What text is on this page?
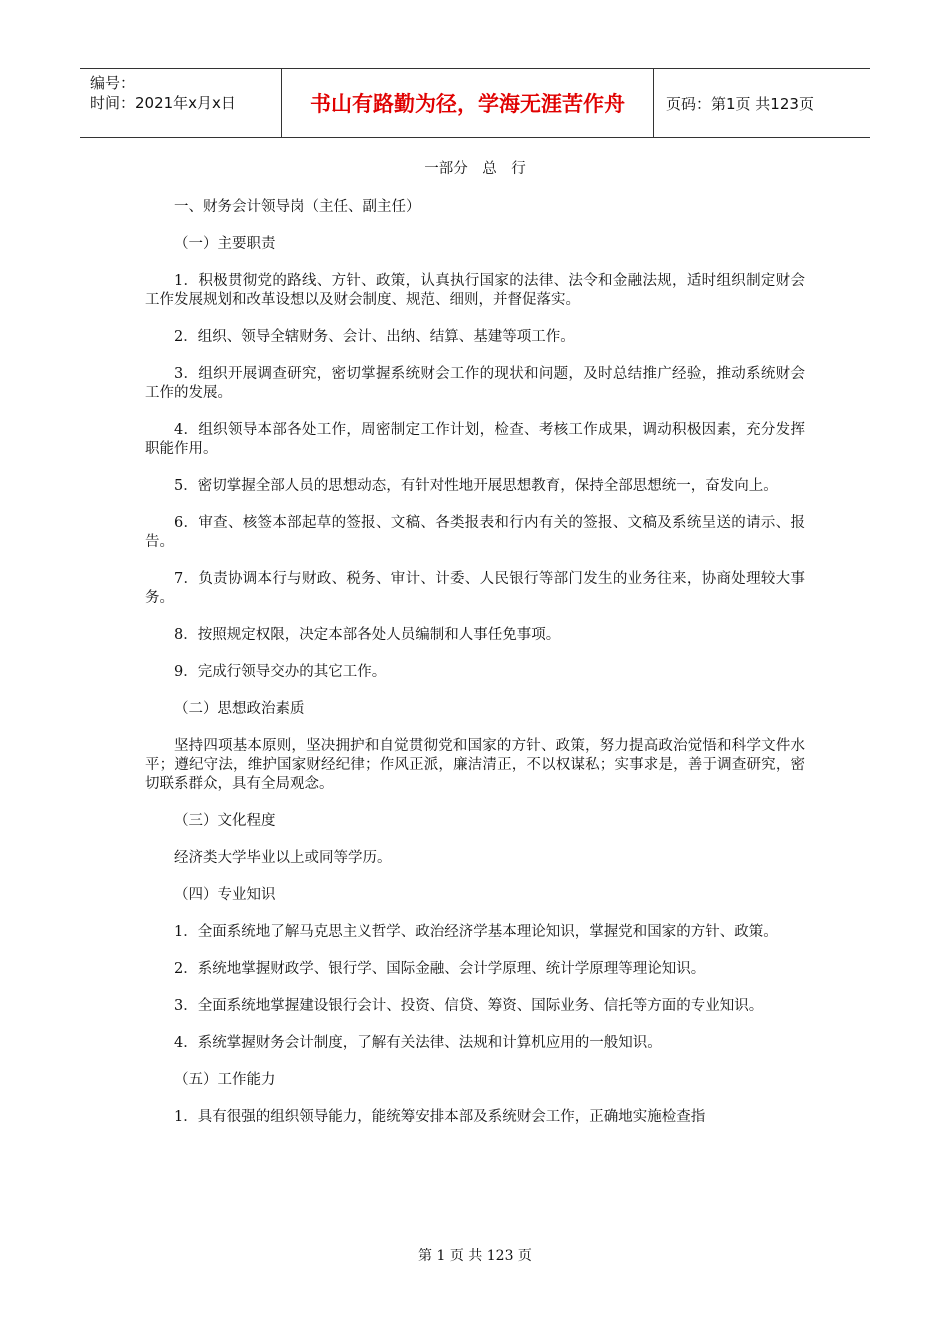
编号：
时间：2021年x月x日	书山有路勤为径，学海无涯苦作舟	页码：第1页 共123页
一部分　总　行

一、财务会计领导岗（主任、副主任）

（一）主要职责

1．积极贯彻党的路线、方针、政策，认真执行国家的法律、法令和金融法规，适时组织制定财会工作发展规划和改革设想以及财会制度、规范、细则，并督促落实。

2．组织、领导全辖财务、会计、出纳、结算、基建等项工作。

3．组织开展调查研究，密切掌握系统财会工作的现状和问题，及时总结推广经验，推动系统财会工作的发展。

4．组织领导本部各处工作，周密制定工作计划，检查、考核工作成果，调动积极因素，充分发挥职能作用。

5．密切掌握全部人员的思想动态，有针对性地开展思想教育，保持全部思想统一，奋发向上。

6．审查、核签本部起草的签报、文稿、各类报表和行内有关的签报、文稿及系统呈送的请示、报告。

7．负责协调本行与财政、税务、审计、计委、人民银行等部门发生的业务往来，协商处理较大事务。

8．按照规定权限，决定本部各处人员编制和人事任免事项。

9．完成行领导交办的其它工作。

（二）思想政治素质

坚持四项基本原则，坚决拥护和自觉贯彻党和国家的方针、政策，努力提高政治觉悟和科学文件水平；遵纪守法，维护国家财经纪律；作风正派，廉洁清正，不以权谋私；实事求是，善于调查研究，密切联系群众，具有全局观念。

（三）文化程度

经济类大学毕业以上或同等学历。

（四）专业知识

1．全面系统地了解马克思主义哲学、政治经济学基本理论知识，掌握党和国家的方针、政策。

2．系统地掌握财政学、银行学、国际金融、会计学原理、统计学原理等理论知识。

3．全面系统地掌握建设银行会计、投资、信贷、筹资、国际业务、信托等方面的专业知识。

4．系统掌握财务会计制度，了解有关法律、法规和计算机应用的一般知识。

（五）工作能力

1．具有很强的组织领导能力，能统筹安排本部及系统财会工作，正确地实施检查指

第 1 页 共 123 页
